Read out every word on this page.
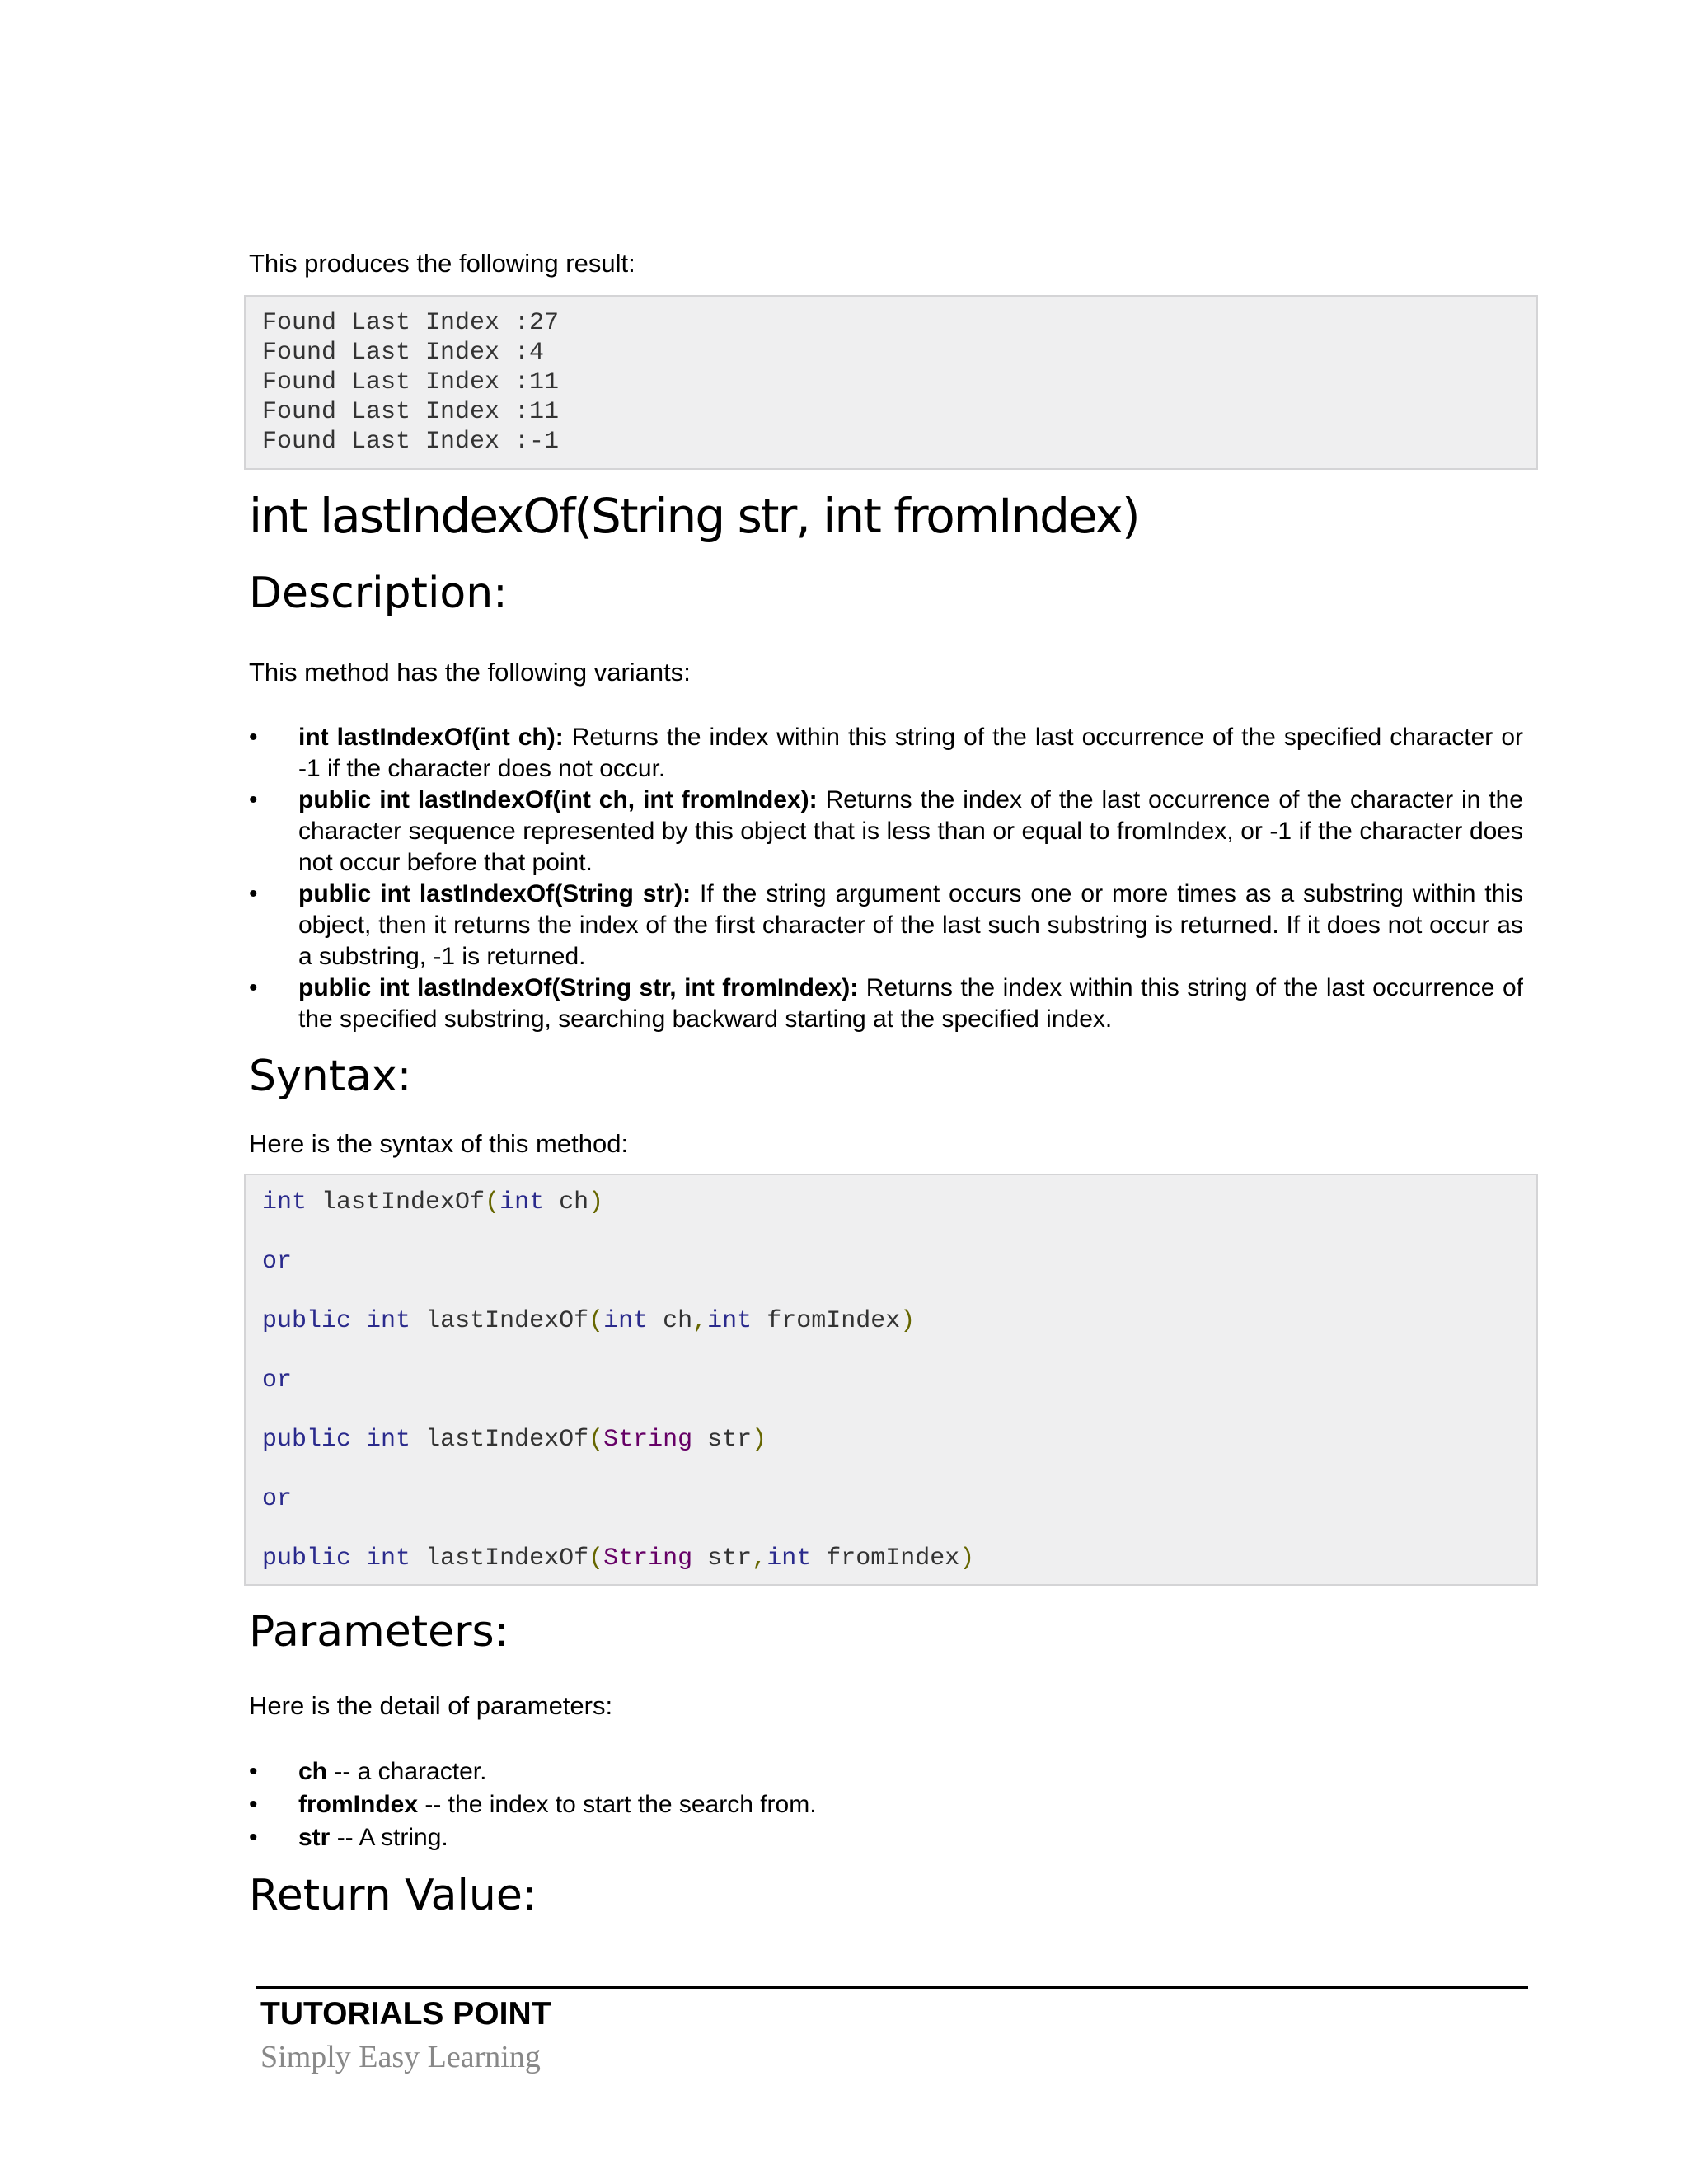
This produces the following result:

Found Last Index :27
Found Last Index :4
Found Last Index :11
Found Last Index :11
Found Last Index :-1
int lastIndexOf(String str, int fromIndex)
Description:

This method has the following variants:

• int lastIndexOf(int ch): Returns the index within this string of the last occurrence of the specified character or -1 if the character does not occur.
• public int lastIndexOf(int ch, int fromIndex): Returns the index of the last occurrence of the character in the character sequence represented by this object that is less than or equal to fromIndex, or -1 if the character does not occur before that point.
• public int lastIndexOf(String str): If the string argument occurs one or more times as a substring within this object, then it returns the index of the first character of the last such substring is returned. If it does not occur as a substring, -1 is returned.
• public int lastIndexOf(String str, int fromIndex): Returns the index within this string of the last occurrence of the specified substring, searching backward starting at the specified index.
Syntax:

Here is the syntax of this method:

int lastIndexOf(int ch)
or
public int lastIndexOf(int ch,int fromIndex)
or
public int lastIndexOf(String str)
or
public int lastIndexOf(String str,int fromIndex)
Parameters:

Here is the detail of parameters:

• ch -- a character.
• fromIndex -- the index to start the search from.
• str -- A string.
Return Value:
TUTORIALS POINT
Simply Easy Learning
